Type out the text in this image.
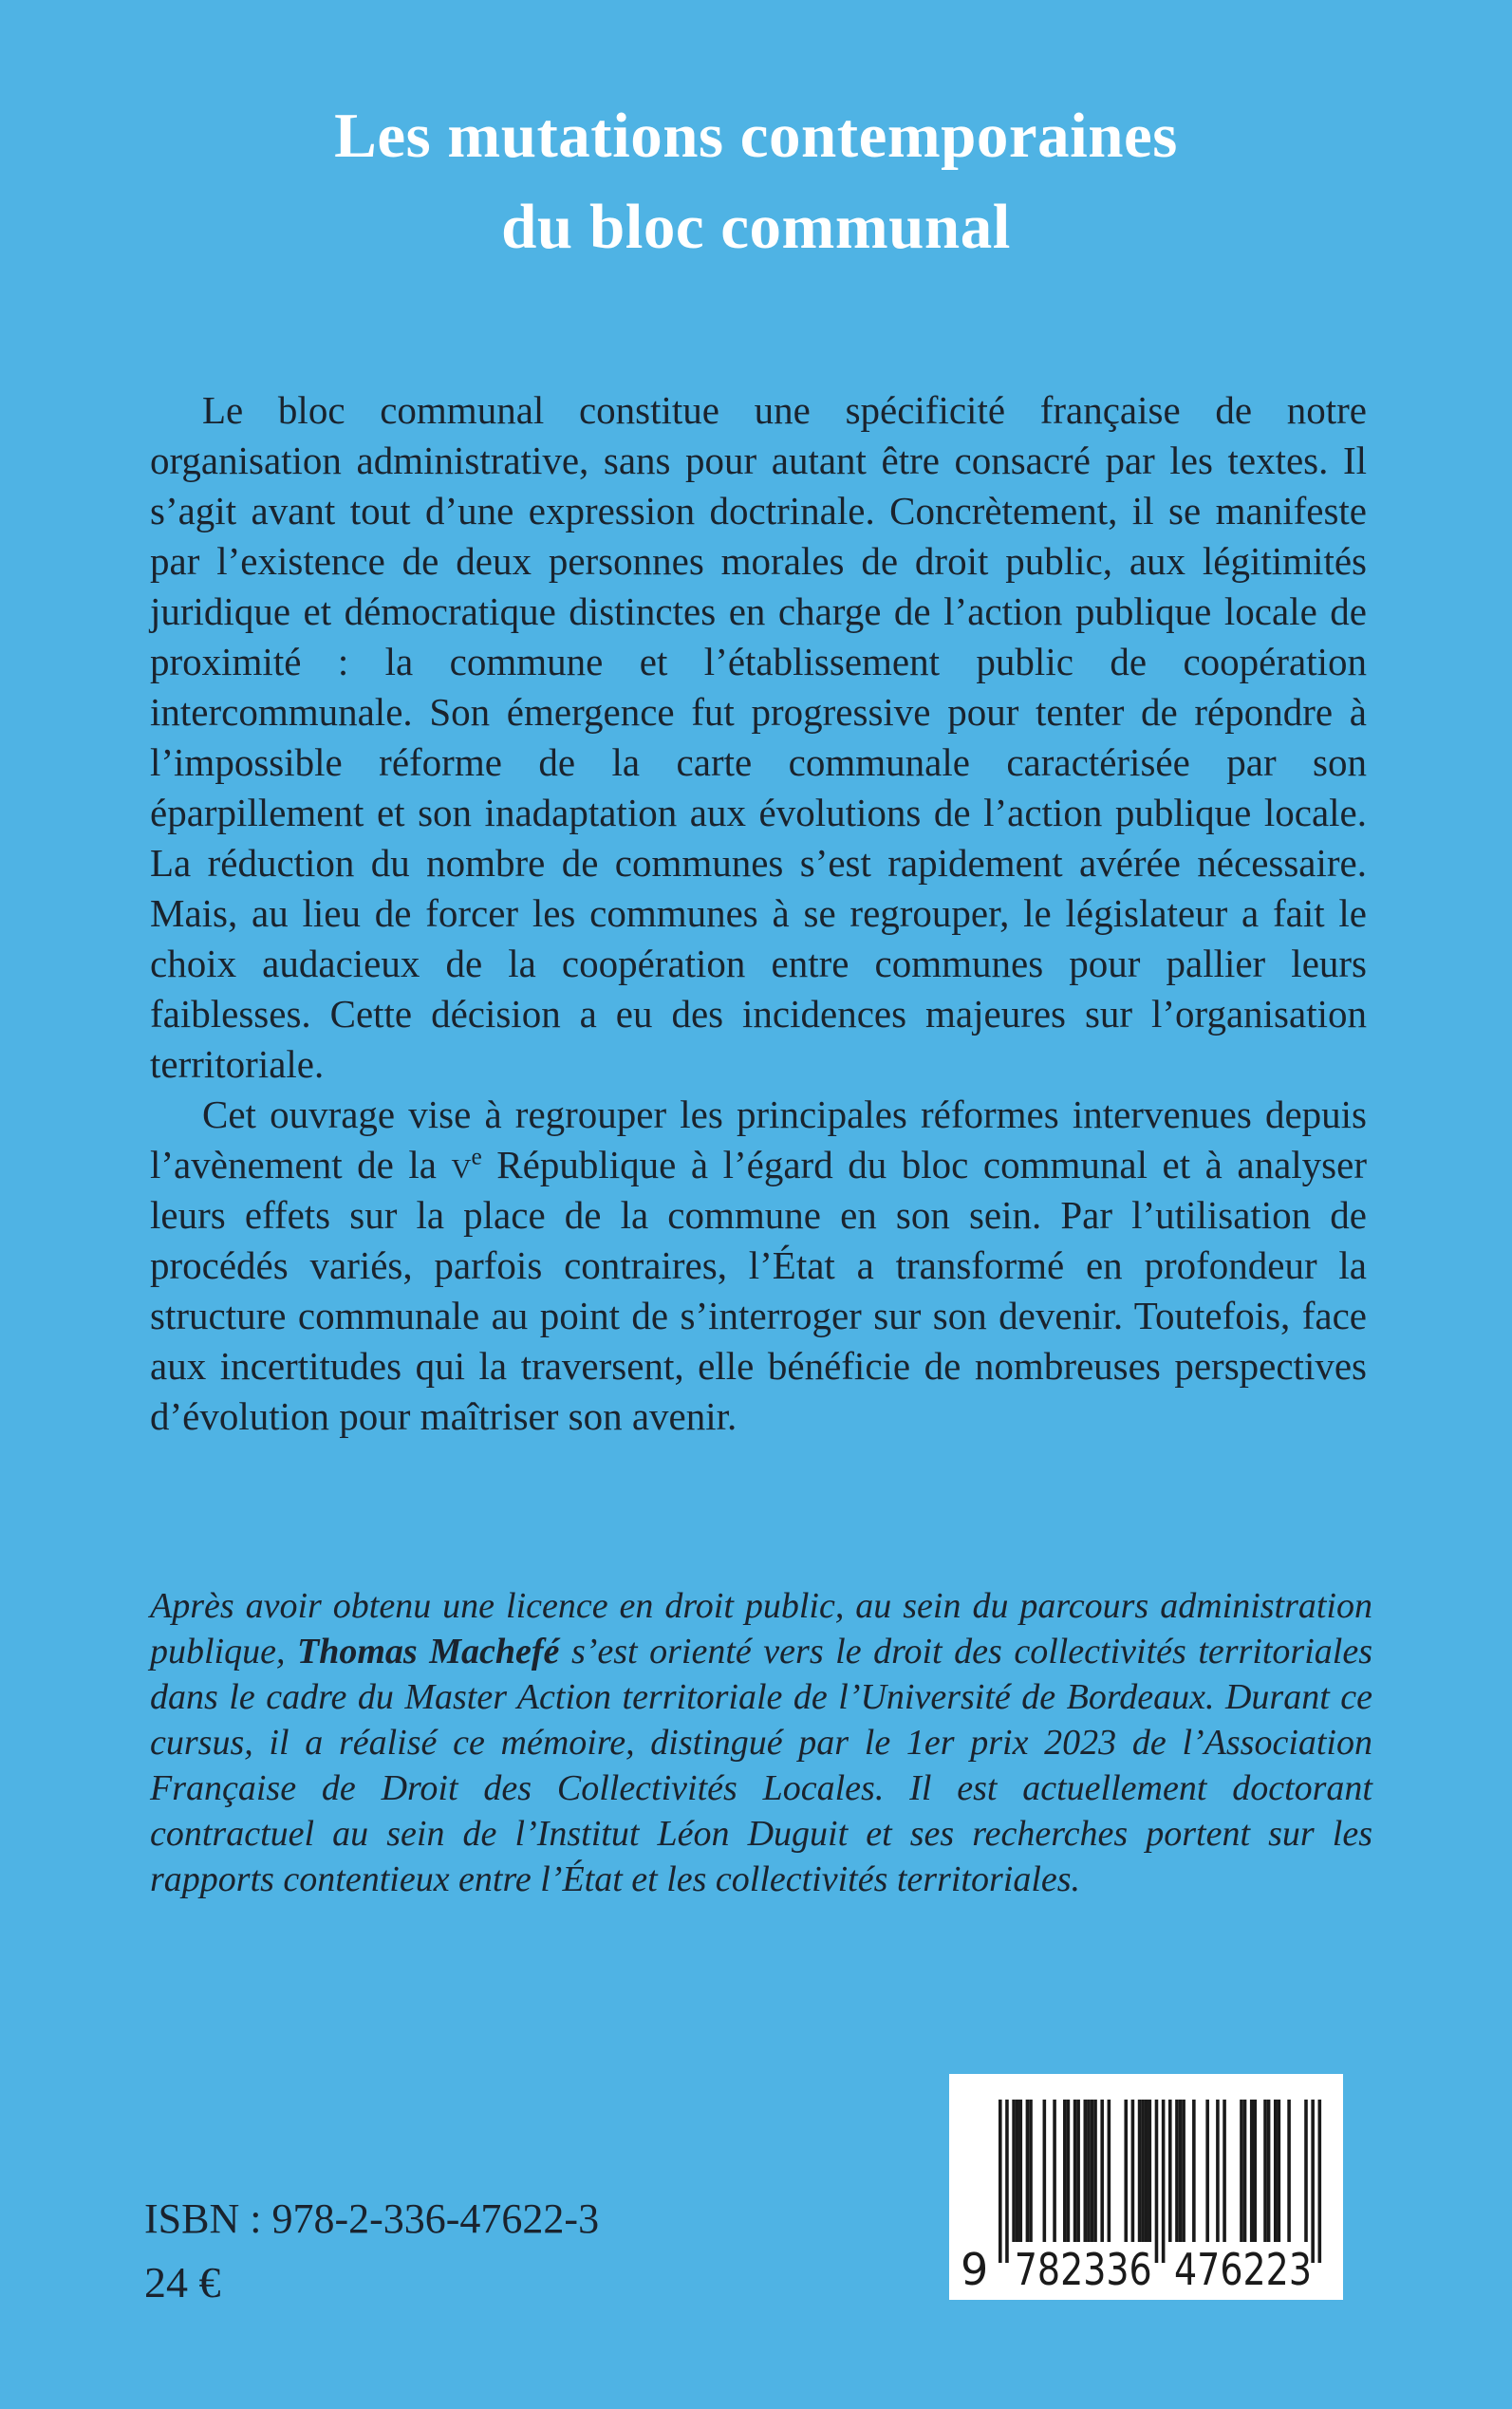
Les mutations contemporaines
du bloc communal

Le bloc communal constitue une spécificité française de notre organisation administrative, sans pour autant être consacré par les textes. Il s’agit avant tout d’une expression doctrinale. Concrètement, il se manifeste par l’existence de deux personnes morales de droit public, aux légitimités juridique et démocratique distinctes en charge de l’action publique locale de proximité : la commune et l’établissement public de coopération intercommunale. Son émergence fut progressive pour tenter de répondre à l’impossible réforme de la carte communale caractérisée par son éparpillement et son inadaptation aux évolutions de l’action publique locale. La réduction du nombre de communes s’est rapidement avérée nécessaire. Mais, au lieu de forcer les communes à se regrouper, le législateur a fait le choix audacieux de la coopération entre communes pour pallier leurs faiblesses. Cette décision a eu des incidences majeures sur l’organisation territoriale.

Cet ouvrage vise à regrouper les principales réformes intervenues depuis l’avènement de la $v^e$ République à l’égard du bloc communal et à analyser leurs effets sur la place de la commune en son sein. Par l’utilisation de procédés variés, parfois contraires, l’État a transformé en profondeur la structure communale au point de s’interroger sur son devenir. Toutefois, face aux incertitudes qui la traversent, elle bénéficie de nombreuses perspectives d’évolution pour maîtriser son avenir.

Après avoir obtenu une licence en droit public, au sein du parcours administration publique, Thomas Machefé s’est orienté vers le droit des collectivités territoriales dans le cadre du Master Action territoriale de l’Université de Bordeaux. Durant ce cursus, il a réalisé ce mémoire, distingué par le 1er prix 2023 de l’Association Française de Droit des Collectivités Locales. Il est actuellement doctorant contractuel au sein de l’Institut Léon Duguit et ses recherches portent sur les rapports contentieux entre l’État et les collectivités territoriales.
ISBN : 978-2-336-47622-3
24 €	9 782336 476223
